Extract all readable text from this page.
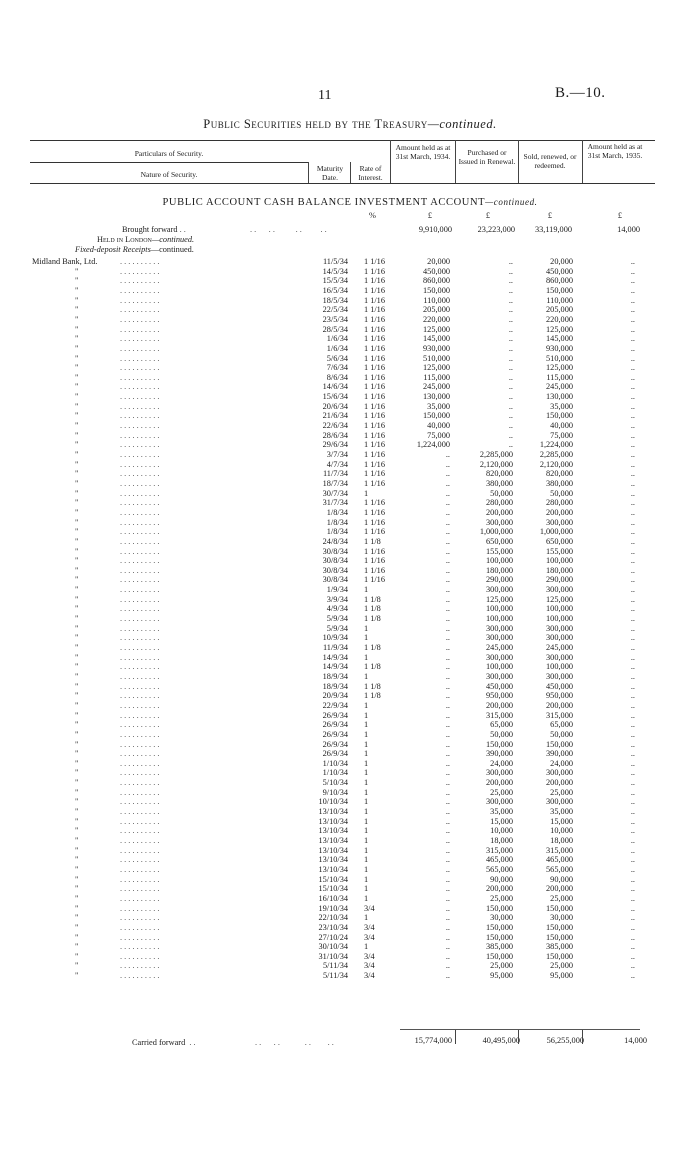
11	B.—10.
Public Securities held by the Treasury—continued.
Particulars of Security.
Nature of Security.
Maturity Date.
Rate of Interest.
Amount held as at 31st March, 1934.	Purchased or Issued in Renewal.
Sold, renewed, or redeemed.
Amount held as at 31st March, 1935.
PUBLIC ACCOUNT CASH BALANCE INVESTMENT ACCOUNT—continued.
%	£	£	£	£
Brought forward . .	. .      . .          . .         . .	9,910,000	23,223,000	33,119,000	14,000
Held in London—continued.
Fixed-deposit Receipts—continued.
Midland Bank, Ltd.	. . . . . . . . . .	11/5/34 1 1/16	20,000	..	20,000	..
"	. . . . . . . . . .	14/5/34 1 1/16	450,000	..	450,000	..
"	. . . . . . . . . .	15/5/34 1 1/16	860,000	..	860,000	..
"	. . . . . . . . . .	16/5/34 1 1/16	150,000	..	150,000	..
"	. . . . . . . . . .	18/5/34 1 1/16	110,000	..	110,000	..
"	. . . . . . . . . .	22/5/34 1 1/16	205,000	..	205,000	..
"	. . . . . . . . . .	23/5/34 1 1/16	220,000	..	220,000	..
"	. . . . . . . . . .	28/5/34 1 1/16	125,000	..	125,000	..
"	. . . . . . . . . .	1/6/34 1 1/16	145,000	..	145,000	..
"	. . . . . . . . . .	1/6/34 1 1/16	930,000	..	930,000	..
"	. . . . . . . . . .	5/6/34 1 1/16	510,000	..	510,000	..
"	. . . . . . . . . .	7/6/34 1 1/16	125,000	..	125,000	..
"	. . . . . . . . . .	8/6/34 1 1/16	115,000	..	115,000	..
"	. . . . . . . . . .	14/6/34 1 1/16	245,000	..	245,000	..
"	. . . . . . . . . .	15/6/34 1 1/16	130,000	..	130,000	..
"	. . . . . . . . . .	20/6/34 1 1/16	35,000	..	35,000	..
"	. . . . . . . . . .	21/6/34 1 1/16	150,000	..	150,000	..
"	. . . . . . . . . .	22/6/34 1 1/16	40,000	..	40,000	..
"	. . . . . . . . . .	28/6/34 1 1/16	75,000	..	75,000	..
"	. . . . . . . . . .	29/6/34 1 1/16	1,224,000	..	1,224,000	..
"	. . . . . . . . . .	3/7/34 1 1/16	..	2,285,000	2,285,000	..
"	. . . . . . . . . .	4/7/34 1 1/16	..	2,120,000	2,120,000	..
"	. . . . . . . . . .	11/7/34 1 1/16	..	820,000	820,000	..
"	. . . . . . . . . .	18/7/34 1 1/16	..	380,000	380,000	..
"	. . . . . . . . . .	30/7/34 1	..	50,000	50,000	..
"	. . . . . . . . . .	31/7/34 1 1/16	..	280,000	280,000	..
"	. . . . . . . . . .	1/8/34 1 1/16	..	200,000	200,000	..
"	. . . . . . . . . .	1/8/34 1 1/16	..	300,000	300,000	..
"	. . . . . . . . . .	1/8/34 1 1/16	..	1,000,000	1,000,000	..
"	. . . . . . . . . .	24/8/34 1 1/8	..	650,000	650,000	..
"	. . . . . . . . . .	30/8/34 1 1/16	..	155,000	155,000	..
"	. . . . . . . . . .	30/8/34 1 1/16	..	100,000	100,000	..
"	. . . . . . . . . .	30/8/34 1 1/16	..	180,000	180,000	..
"	. . . . . . . . . .	30/8/34 1 1/16	..	290,000	290,000	..
"	. . . . . . . . . .	1/9/34 1	..	300,000	300,000	..
"	. . . . . . . . . .	3/9/34 1 1/8	..	125,000	125,000	..
"	. . . . . . . . . .	4/9/34 1 1/8	..	100,000	100,000	..
"	. . . . . . . . . .	5/9/34 1 1/8	..	100,000	100,000	..
"	. . . . . . . . . .	5/9/34 1	..	300,000	300,000	..
"	. . . . . . . . . .	10/9/34 1	..	300,000	300,000	..
"	. . . . . . . . . .	11/9/34 1 1/8	..	245,000	245,000	..
"	. . . . . . . . . .	14/9/34 1	..	300,000	300,000	..
"	. . . . . . . . . .	14/9/34 1 1/8	..	100,000	100,000	..
"	. . . . . . . . . .	18/9/34 1	..	300,000	300,000	..
"	. . . . . . . . . .	18/9/34 1 1/8	..	450,000	450,000	..
"	. . . . . . . . . .	20/9/34 1 1/8	..	950,000	950,000	..
"	. . . . . . . . . .	22/9/34 1	..	200,000	200,000	..
"	. . . . . . . . . .	26/9/34 1	..	315,000	315,000	..
"	. . . . . . . . . .	26/9/34 1	..	65,000	65,000	..
"	. . . . . . . . . .	26/9/34 1	..	50,000	50,000	..
"	. . . . . . . . . .	26/9/34 1	..	150,000	150,000	..
"	. . . . . . . . . .	26/9/34 1	..	390,000	390,000	..
"	. . . . . . . . . .	1/10/34 1	..	24,000	24,000	..
"	. . . . . . . . . .	1/10/34 1	..	300,000	300,000	..
"	. . . . . . . . . .	5/10/34 1	..	200,000	200,000	..
"	. . . . . . . . . .	9/10/34 1	..	25,000	25,000	..
"	. . . . . . . . . .	10/10/34 1	..	300,000	300,000	..
"	. . . . . . . . . .	13/10/34 1	..	35,000	35,000	..
"	. . . . . . . . . .	13/10/34 1	..	15,000	15,000	..
"	. . . . . . . . . .	13/10/34 1	..	10,000	10,000	..
"	. . . . . . . . . .	13/10/34 1	..	18,000	18,000	..
"	. . . . . . . . . .	13/10/34 1	..	315,000	315,000	..
"	. . . . . . . . . .	13/10/34 1	..	465,000	465,000	..
"	. . . . . . . . . .	13/10/34 1	..	565,000	565,000	..
"	. . . . . . . . . .	15/10/34 1	..	90,000	90,000	..
"	. . . . . . . . . .	15/10/34 1	..	200,000	200,000	..
"	. . . . . . . . . .	16/10/34 1	..	25,000	25,000	..
"	. . . . . . . . . .	19/10/34 3/4	..	150,000	150,000	..
"	. . . . . . . . . .	22/10/34 1	..	30,000	30,000	..
"	. . . . . . . . . .	23/10/34 3/4	..	150,000	150,000	..
"	. . . . . . . . . .	27/10/24 3/4	..	150,000	150,000	..
"	. . . . . . . . . .	30/10/34 1	..	385,000	385,000	..
"	. . . . . . . . . .	31/10/34 3/4	..	150,000	150,000	..
"	. . . . . . . . . .	5/11/34 3/4	..	25,000	25,000	..
"	. . . . . . . . . .	5/11/34 3/4	..	95,000	95,000	..
Carried forward  . .	. .      . .            . .        . .	15,774,000	40,495,000	56,255,000	14,000
